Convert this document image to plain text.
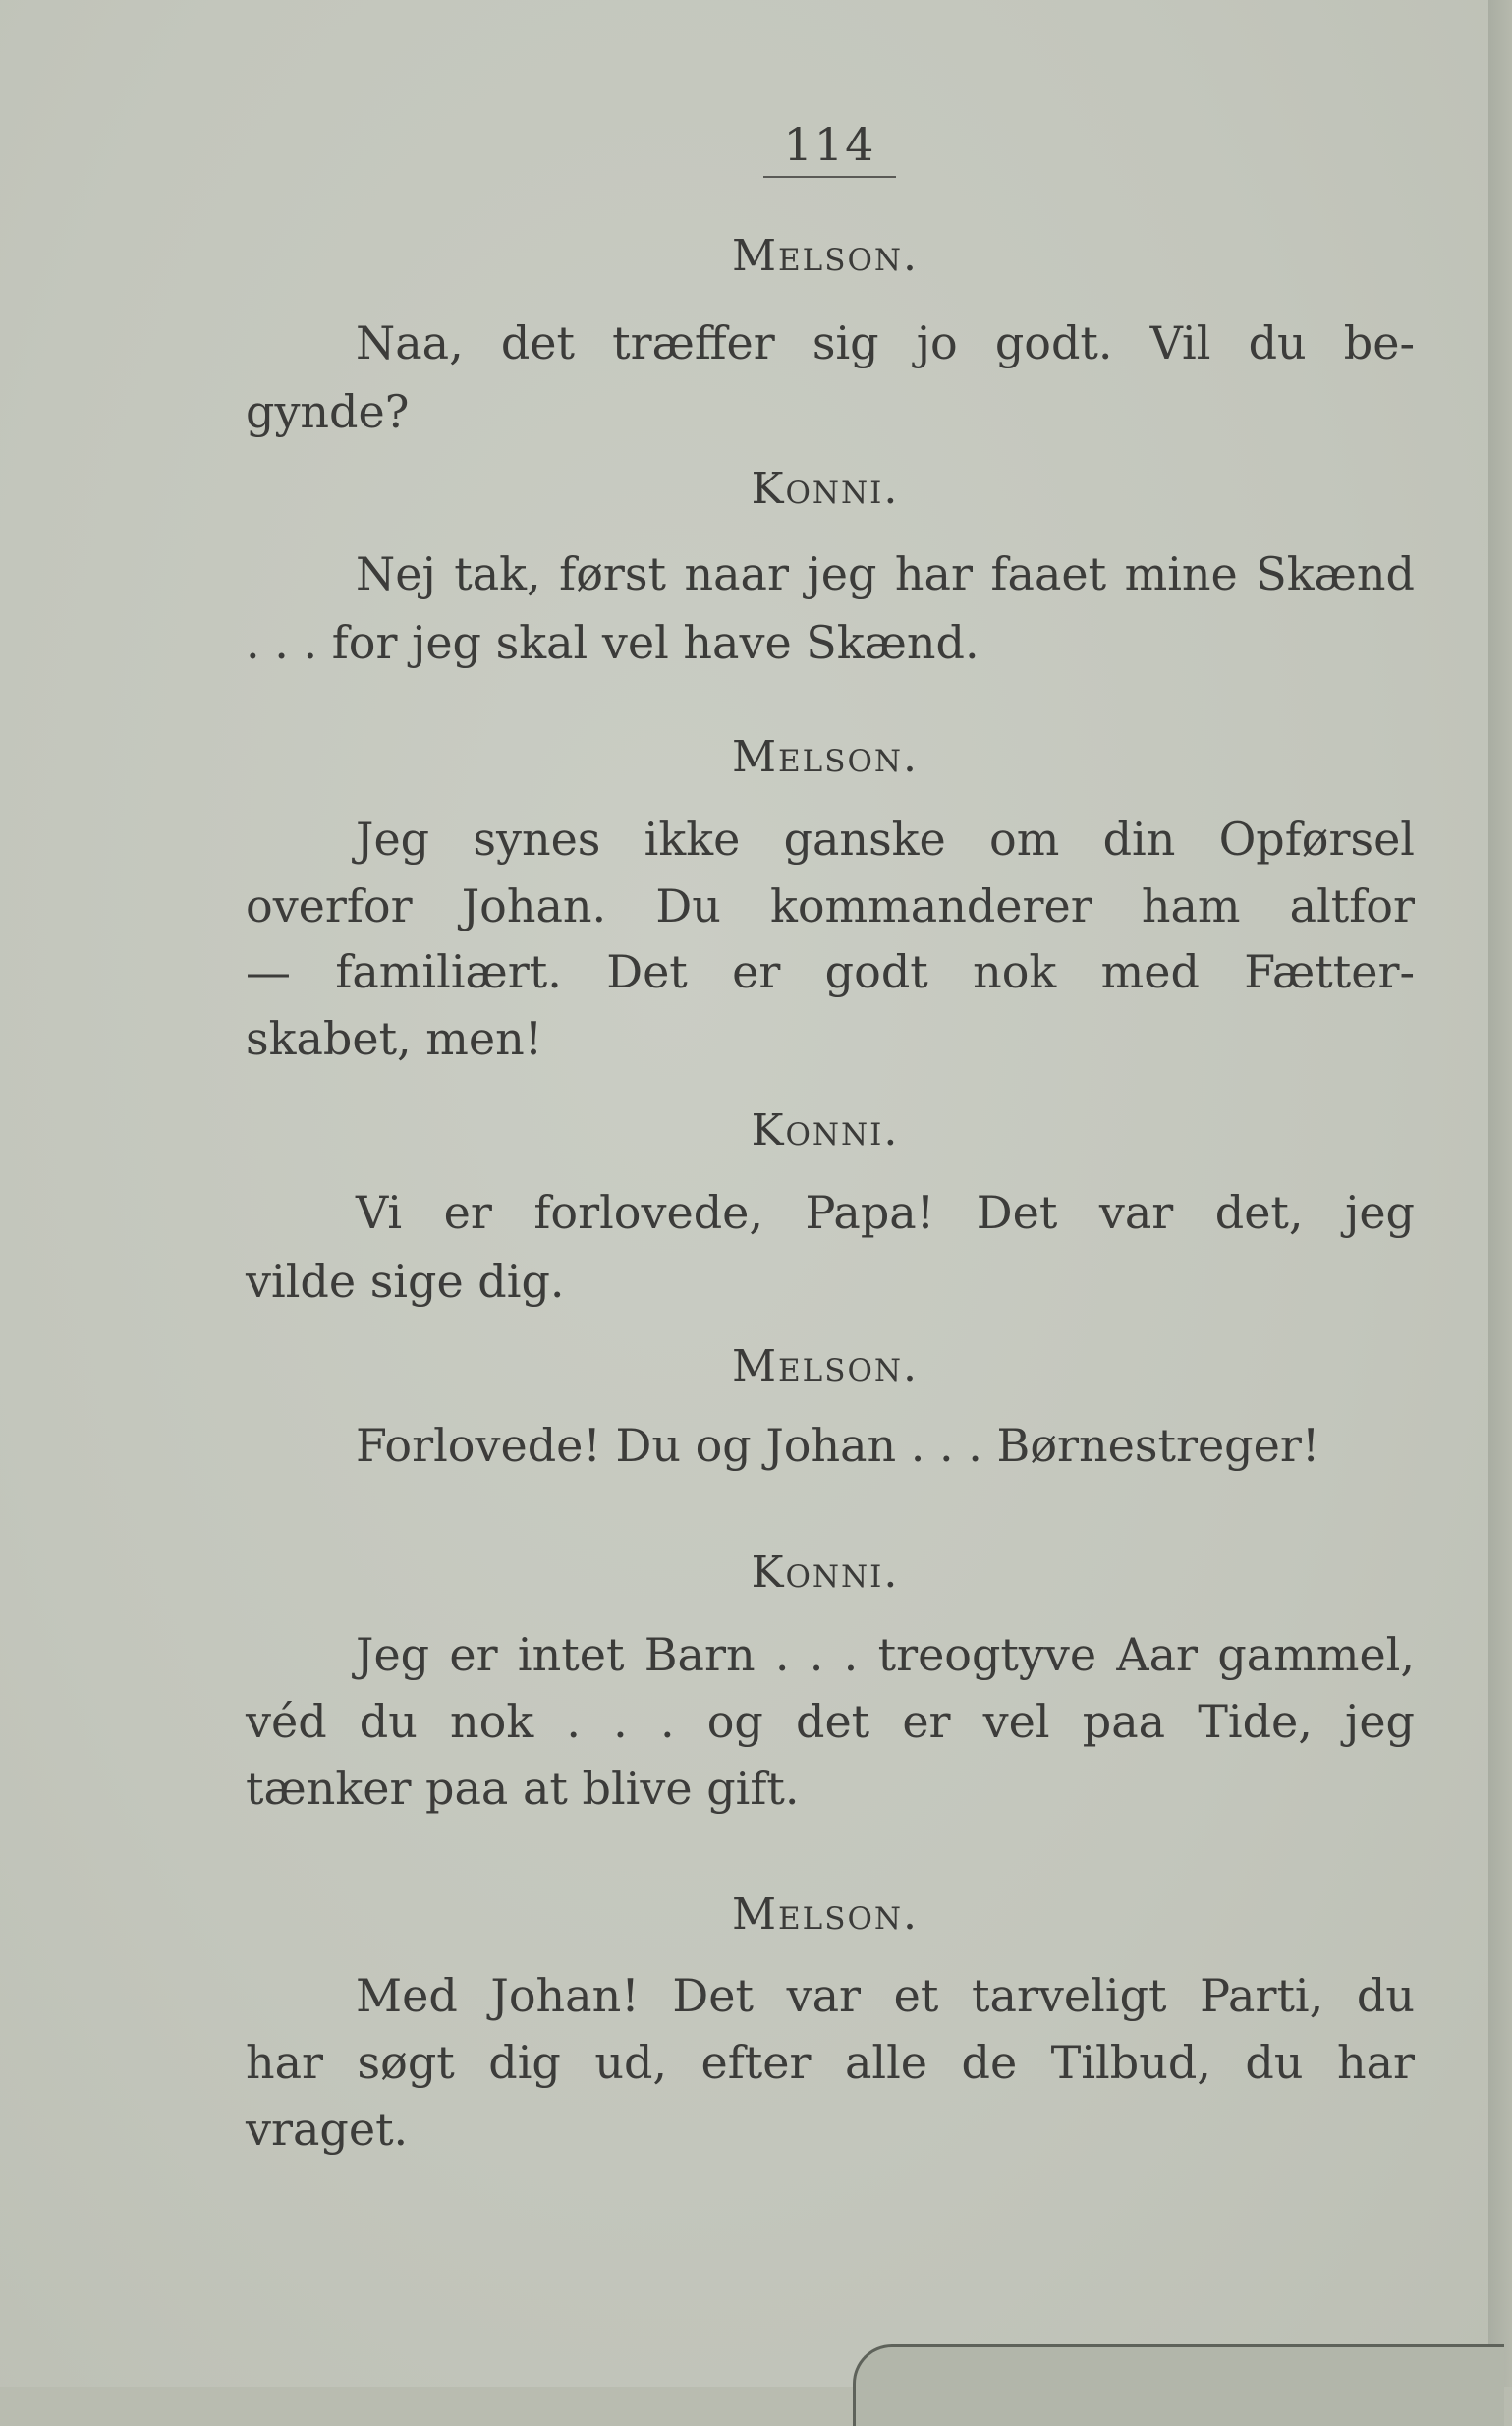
114
Melson.
Naa, det træffer sig jo godt. Vil du be-
gynde?
Konni.
Nej tak, først naar jeg har faaet mine Skænd
. . . for jeg skal vel have Skænd.
Melson.
Jeg synes ikke ganske om din Opførsel
overfor Johan. Du kommanderer ham altfor
— familiært. Det er godt nok med Fætter-
skabet, men!
Konni.
Vi er forlovede, Papa! Det var det, jeg
vilde sige dig.
Melson.
Forlovede! Du og Johan . . . Børnestreger!
Konni.
Jeg er intet Barn . . . treogtyve Aar gammel,
véd du nok . . . og det er vel paa Tide, jeg
tænker paa at blive gift.
Melson.
Med Johan! Det var et tarveligt Parti, du
har søgt dig ud, efter alle de Tilbud, du har
vraget.
